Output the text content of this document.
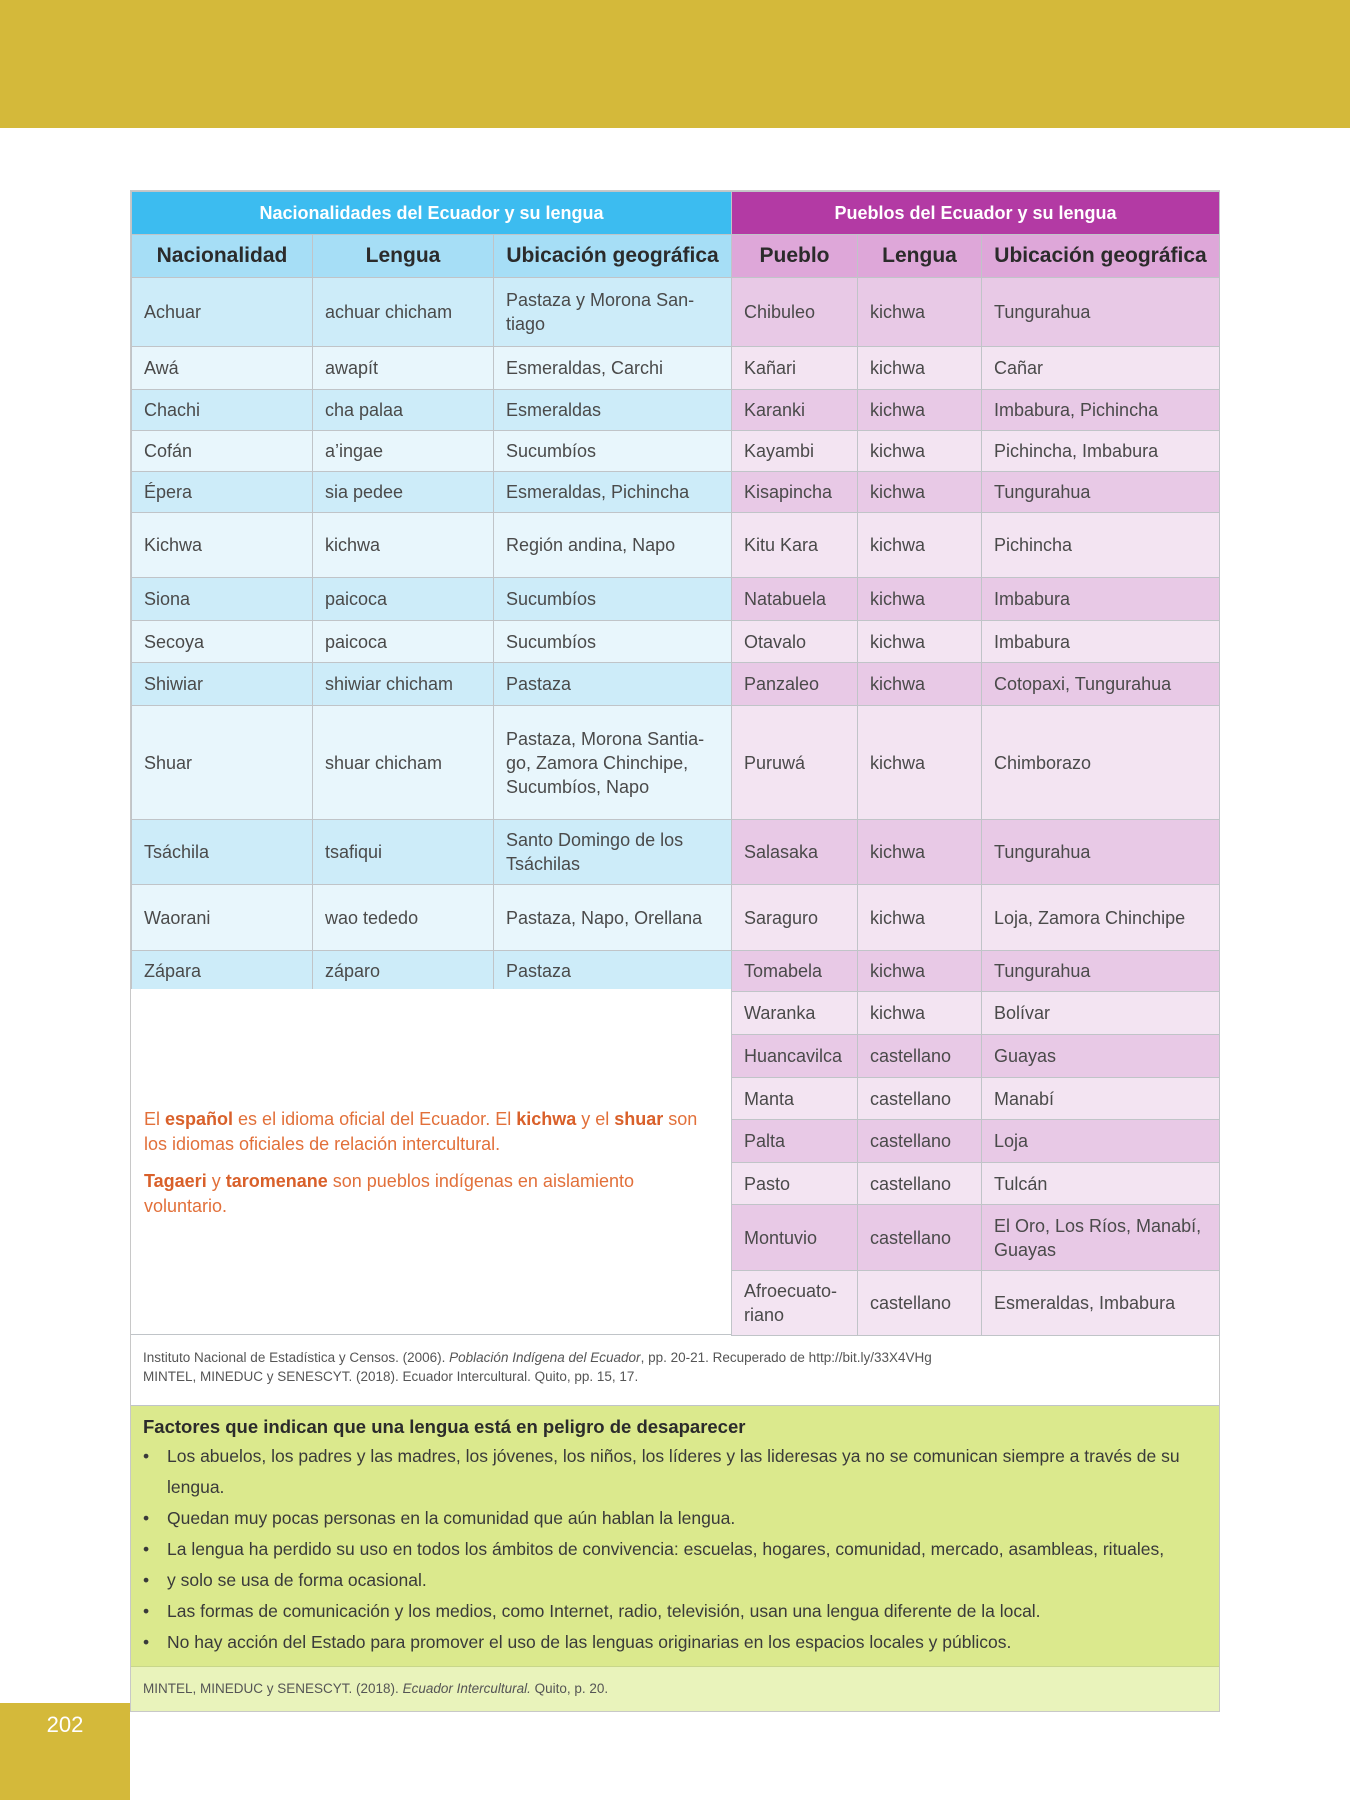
Nacionalidades del Ecuador y su lengua		
Nacionalidad	Lengua	Ubicación geográfica
Achuar	achuar chicham	Pastaza y Morona San-tiago
Awá	awapít	Esmeraldas, Carchi
Chachi	cha palaa	Esmeraldas
Cofán	a’ingae	Sucumbíos
Épera	sia pedee	Esmeraldas, Pichincha
Kichwa	kichwa	Región andina, Napo
Siona	paicoca	Sucumbíos
Secoya	paicoca	Sucumbíos
Shiwiar	shiwiar chicham	Pastaza
Shuar	shuar chicham	Pastaza, Morona Santia-go, Zamora Chinchipe, Sucumbíos, Napo
Tsáchila	tsafiqui	Santo Domingo de los Tsáchilas
Waorani	wao tededo	Pastaza, Napo, Orellana
Zápara	záparo	Pastaza
Pueblos del Ecuador y su lengua		
Pueblo	Lengua	Ubicación geográfica
Chibuleo	kichwa	Tungurahua
Kañari	kichwa	Cañar
Karanki	kichwa	Imbabura, Pichincha
Kayambi	kichwa	Pichincha, Imbabura
Kisapincha	kichwa	Tungurahua
Kitu Kara	kichwa	Pichincha
Natabuela	kichwa	Imbabura
Otavalo	kichwa	Imbabura
Panzaleo	kichwa	Cotopaxi, Tungurahua
Puruwá	kichwa	Chimborazo
Salasaka	kichwa	Tungurahua
Saraguro	kichwa	Loja, Zamora Chinchipe
Tomabela	kichwa	Tungurahua
Waranka	kichwa	Bolívar
Huancavilca	castellano	Guayas
Manta	castellano	Manabí
Palta	castellano	Loja
Pasto	castellano	Tulcán
Montuvio	castellano	El Oro, Los Ríos, Manabí, Guayas
Afroecuato-riano	castellano	Esmeraldas, Imbabura
El español es el idioma oficial del Ecuador. El kichwa y el shuar son los idiomas oficiales de relación intercultural.
Tagaeri y taromenane son pueblos indígenas en aislamiento voluntario.
Instituto Nacional de Estadística y Censos. (2006). Población Indígena del Ecuador, pp. 20-21. Recuperado de http://bit.ly/33X4VHg
MINTEL, MINEDUC y SENESCYT. (2018). Ecuador Intercultural. Quito, pp. 15, 17.
Factores que indican que una lengua está en peligro de desaparecer
• Los abuelos, los padres y las madres, los jóvenes, los niños, los líderes y las lideresas ya no se comunican siempre a través de su lengua.
• Quedan muy pocas personas en la comunidad que aún hablan la lengua.
• La lengua ha perdido su uso en todos los ámbitos de convivencia: escuelas, hogares, comunidad, mercado, asambleas, rituales,
• y solo se usa de forma ocasional.
• Las formas de comunicación y los medios, como Internet, radio, televisión, usan una lengua diferente de la local.
• No hay acción del Estado para promover el uso de las lenguas originarias en los espacios locales y públicos.
MINTEL, MINEDUC y SENESCYT. (2018). Ecuador Intercultural. Quito, p. 20.
202
